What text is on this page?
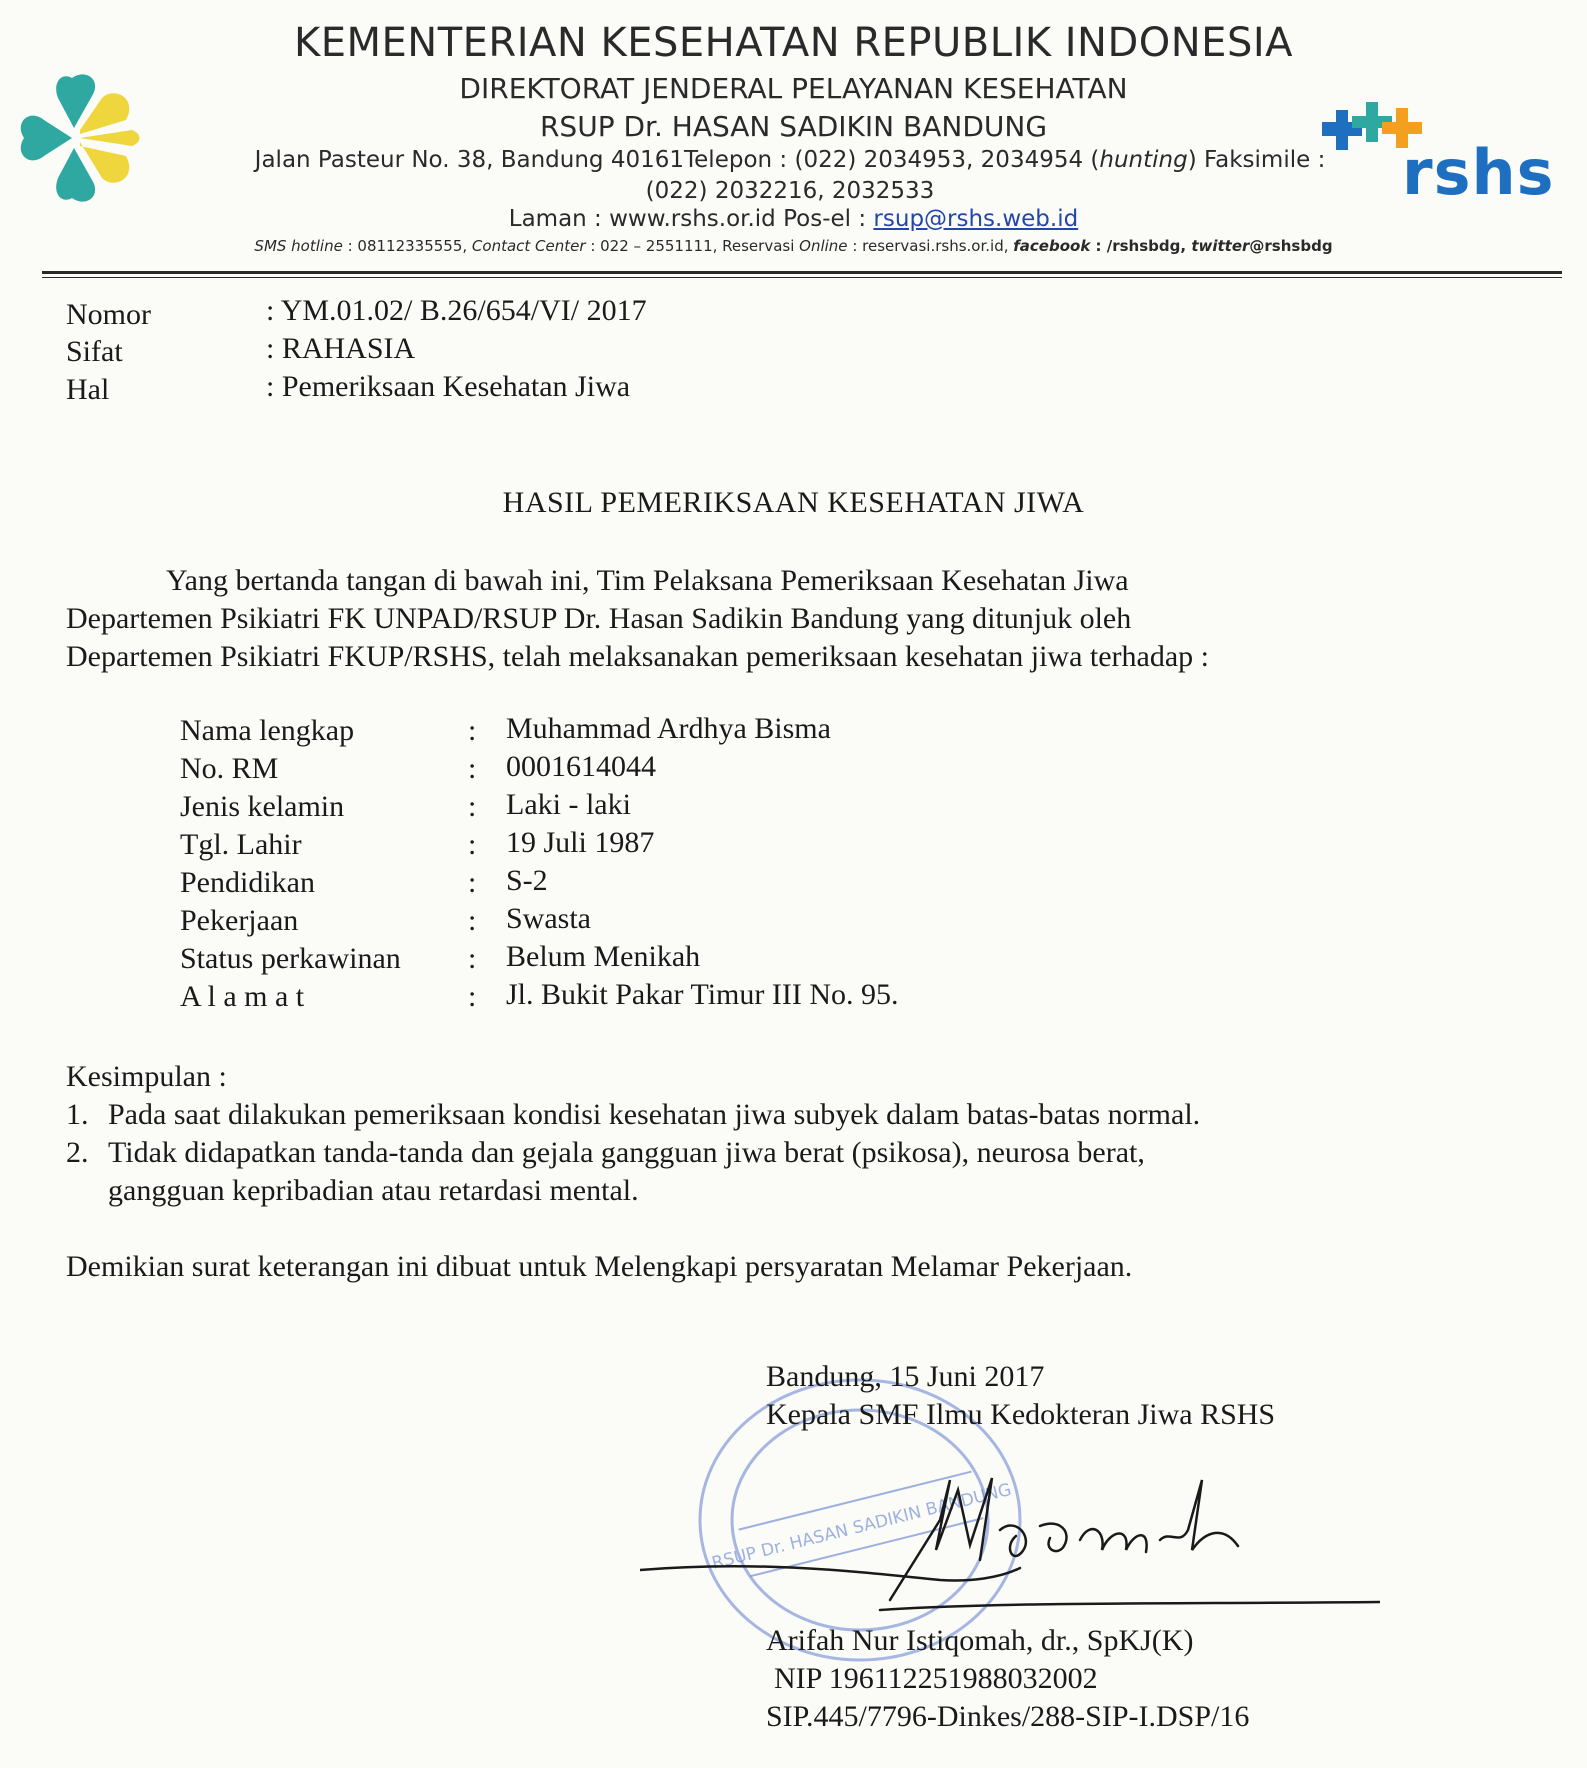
rshs
KEMENTERIAN KESEHATAN REPUBLIK INDONESIA
DIREKTORAT JENDERAL PELAYANAN KESEHATAN
RSUP Dr. HASAN SADIKIN BANDUNG
Jalan Pasteur No. 38, Bandung 40161Telepon : (022) 2034953, 2034954 (hunting) Faksimile :
(022) 2032216, 2032533
Laman : www.rshs.or.id Pos-el : rsup@rshs.web.id
SMS hotline : 08112335555, Contact Center : 022 – 2551111, Reservasi Online : reservasi.rshs.or.id, facebook : /rshsbdg, twitter@rshsbdg
Nomor	: YM.01.02/ B.26/654/VI/ 2017
Sifat	: RAHASIA
Hal	: Pemeriksaan Kesehatan Jiwa
HASIL PEMERIKSAAN KESEHATAN JIWA
Yang bertanda tangan di bawah ini, Tim Pelaksana Pemeriksaan Kesehatan Jiwa
Departemen Psikiatri FK UNPAD/RSUP Dr. Hasan Sadikin Bandung yang ditunjuk oleh
Departemen Psikiatri FKUP/RSHS, telah melaksanakan pemeriksaan kesehatan jiwa terhadap :
Nama lengkap	: Muhammad Ardhya Bisma
No. RM	: 0001614044
Jenis kelamin	: Laki - laki
Tgl. Lahir	: 19 Juli 1987
Pendidikan	: S-2
Pekerjaan	: Swasta
Status perkawinan : Belum Menikah
A l a m a t	: Jl. Bukit Pakar Timur III No. 95.
Kesimpulan :
1. Pada saat dilakukan pemeriksaan kondisi kesehatan jiwa subyek dalam batas-batas normal.
2. Tidak didapatkan tanda-tanda dan gejala gangguan jiwa berat (psikosa), neurosa berat,
gangguan kepribadian atau retardasi mental.
Demikian surat keterangan ini dibuat untuk Melengkapi persyaratan Melamar Pekerjaan.
RSUP Dr. HASAN SADIKIN BANDUNG
Bandung, 15 Juni 2017
Kepala SMF Ilmu Kedokteran Jiwa RSHS
Arifah Nur Istiqomah, dr., SpKJ(K)
NIP 196112251988032002
SIP.445/7796-Dinkes/288-SIP-I.DSP/16
